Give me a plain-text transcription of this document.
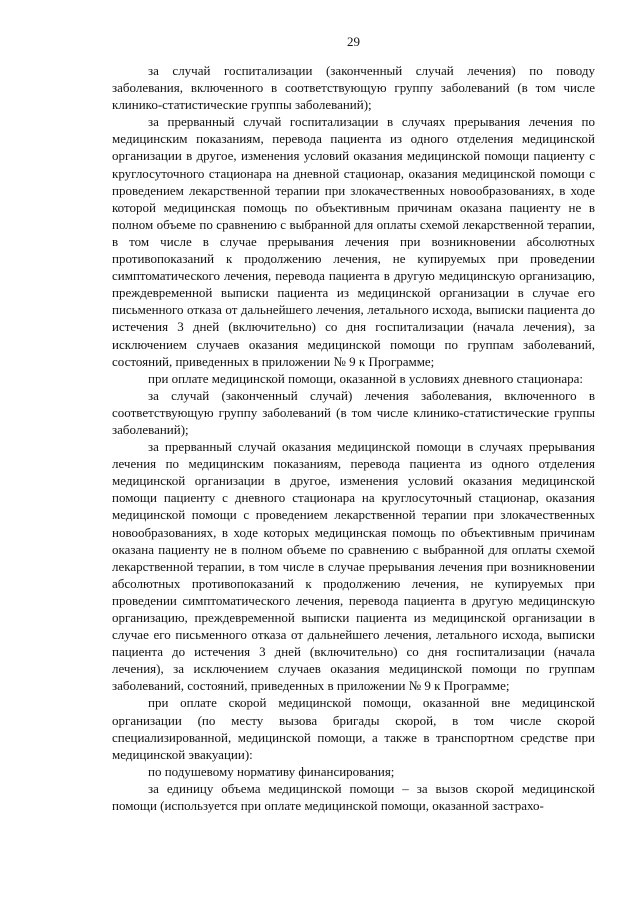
29

за случай госпитализации (законченный случай лечения) по поводу заболевания, включенного в соответствующую группу заболеваний (в том числе клинико-статистические группы заболеваний);

за прерванный случай госпитализации в случаях прерывания лечения по медицинским показаниям, перевода пациента из одного отделения медицинской организации в другое, изменения условий оказания медицинской помощи пациенту с круглосуточного стационара на дневной стационар, оказания медицинской помощи с проведением лекарственной терапии при злокачественных новообразованиях, в ходе которой медицинская помощь по объективным причинам оказана пациенту не в полном объеме по сравнению с выбранной для оплаты схемой лекарственной терапии, в том числе в случае прерывания лечения при возникновении абсолютных противопоказаний к продолжению лечения, не купируемых при проведении симптоматического лечения, перевода пациента в другую медицинскую организацию, преждевременной выписки пациента из медицинской организации в случае его письменного отказа от дальнейшего лечения, летального исхода, выписки пациента до истечения 3 дней (включительно) со дня госпитализации (начала лечения), за исключением случаев оказания медицинской помощи по группам заболеваний, состояний, приведенных в приложении № 9 к Программе;

при оплате медицинской помощи, оказанной в условиях дневного стационара:

за случай (законченный случай) лечения заболевания, включенного в соответствующую группу заболеваний (в том числе клинико-статистические группы заболеваний);

за прерванный случай оказания медицинской помощи в случаях прерывания лечения по медицинским показаниям, перевода пациента из одного отделения медицинской организации в другое, изменения условий оказания медицинской помощи пациенту с дневного стационара на круглосуточный стационар, оказания медицинской помощи с проведением лекарственной терапии при злокачественных новообразованиях, в ходе которых медицинская помощь по объективным причинам оказана пациенту не в полном объеме по сравнению с выбранной для оплаты схемой лекарственной терапии, в том числе в случае прерывания лечения при возникновении абсолютных противопоказаний к продолжению лечения, не купируемых при проведении симптоматического лечения, перевода пациента в другую медицинскую организацию, преждевременной выписки пациента из медицинской организации в случае его письменного отказа от дальнейшего лечения, летального исхода, выписки пациента до истечения 3 дней (включительно) со дня госпитализации (начала лечения), за исключением случаев оказания медицинской помощи по группам заболеваний, состояний, приведенных в приложении № 9 к Программе;

при оплате скорой медицинской помощи, оказанной вне медицинской организации (по месту вызова бригады скорой, в том числе скорой специализированной, медицинской помощи, а также в транспортном средстве при медицинской эвакуации):

по подушевому нормативу финансирования;

за единицу объема медицинской помощи – за вызов скорой медицинской помощи (используется при оплате медицинской помощи, оказанной застрахо-
